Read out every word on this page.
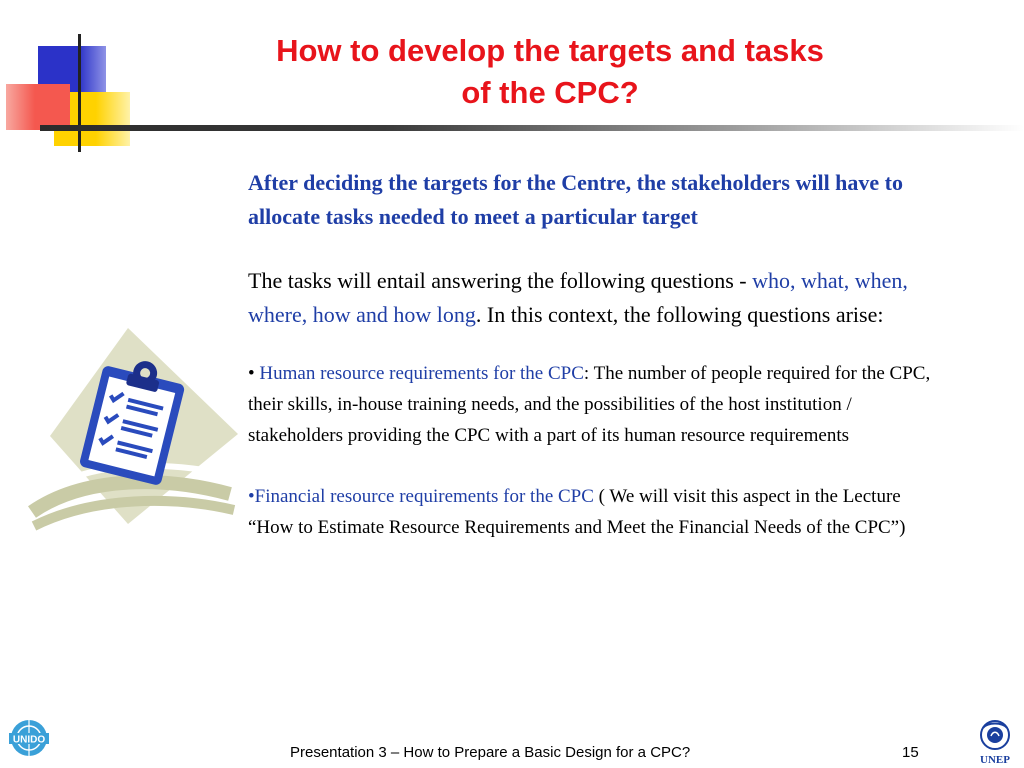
How to develop the targets and tasks
of the CPC?

After deciding the targets for the Centre, the stakeholders will have to allocate tasks needed to meet a particular target

The tasks will entail answering the following questions - who, what, when, where, how and how long. In this context, the following questions arise:

• Human resource requirements for the CPC: The number of people required for the CPC, their skills, in-house training needs, and the possibilities of the host institution / stakeholders providing the CPC with a part of its human resource requirements

•Financial resource requirements for the CPC ( We will visit this aspect in the Lecture “How to Estimate Resource Requirements and Meet the Financial Needs of the CPC”)

UNIDO
Presentation 3 – How to Prepare a Basic Design for a CPC?	15	UNEP
